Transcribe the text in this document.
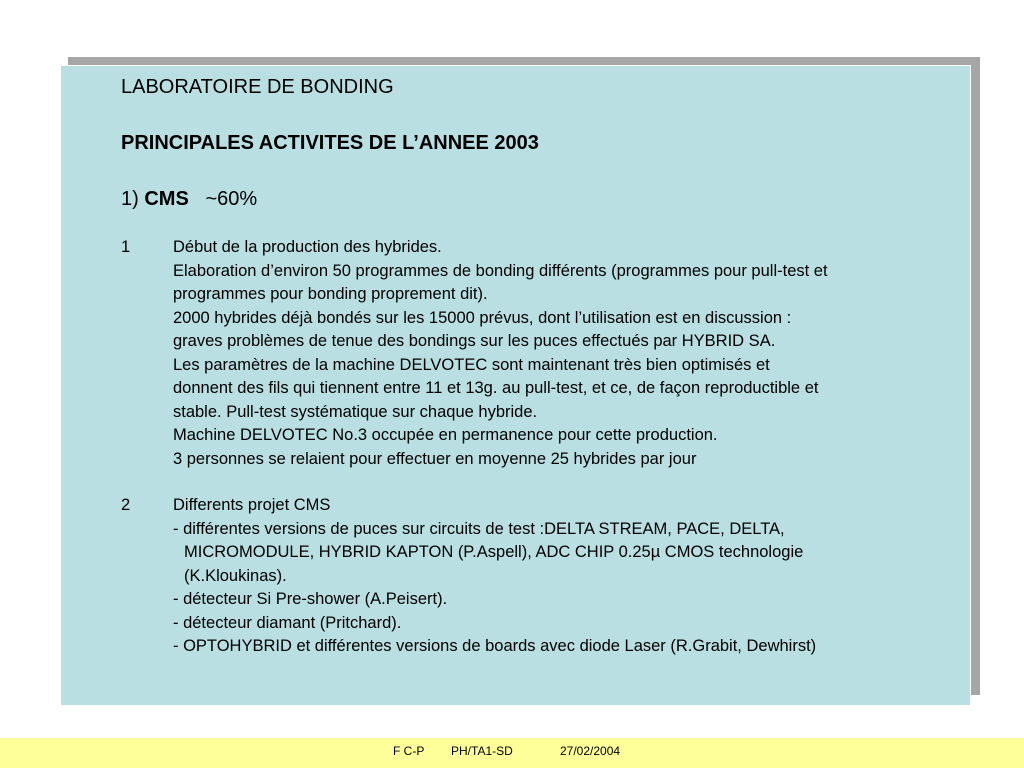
LABORATOIRE DE BONDING

PRINCIPALES ACTIVITES DE L’ANNEE 2003

1) CMS ~60%

1	Début de la production des hybrides.
Elaboration d’environ 50 programmes de bonding différents (programmes pour pull-test et
programmes pour bonding proprement dit).
2000 hybrides déjà bondés sur les 15000 prévus, dont l’utilisation est en discussion :
graves problèmes de tenue des bondings sur les puces effectués par HYBRID SA.
Les paramètres de la machine DELVOTEC sont maintenant très bien optimisés et
donnent des fils qui tiennent entre 11 et 13g. au pull-test, et ce, de façon reproductible et
stable. Pull-test systématique sur chaque hybride.
Machine DELVOTEC No.3 occupée en permanence pour cette production.
3 personnes se relaient pour effectuer en moyenne 25 hybrides par jour
2	Differents projet CMS
- différentes versions de puces sur circuits de test :DELTA STREAM, PACE, DELTA,
MICROMODULE, HYBRID KAPTON (P.Aspell), ADC CHIP 0.25µ CMOS technologie
(K.Kloukinas).
- détecteur Si Pre-shower (A.Peisert).
- détecteur diamant (Pritchard).
- OPTOHYBRID et différentes versions de boards avec diode Laser (R.Grabit, Dewhirst)
F C-P PH/TA1-SD	27/02/2004
